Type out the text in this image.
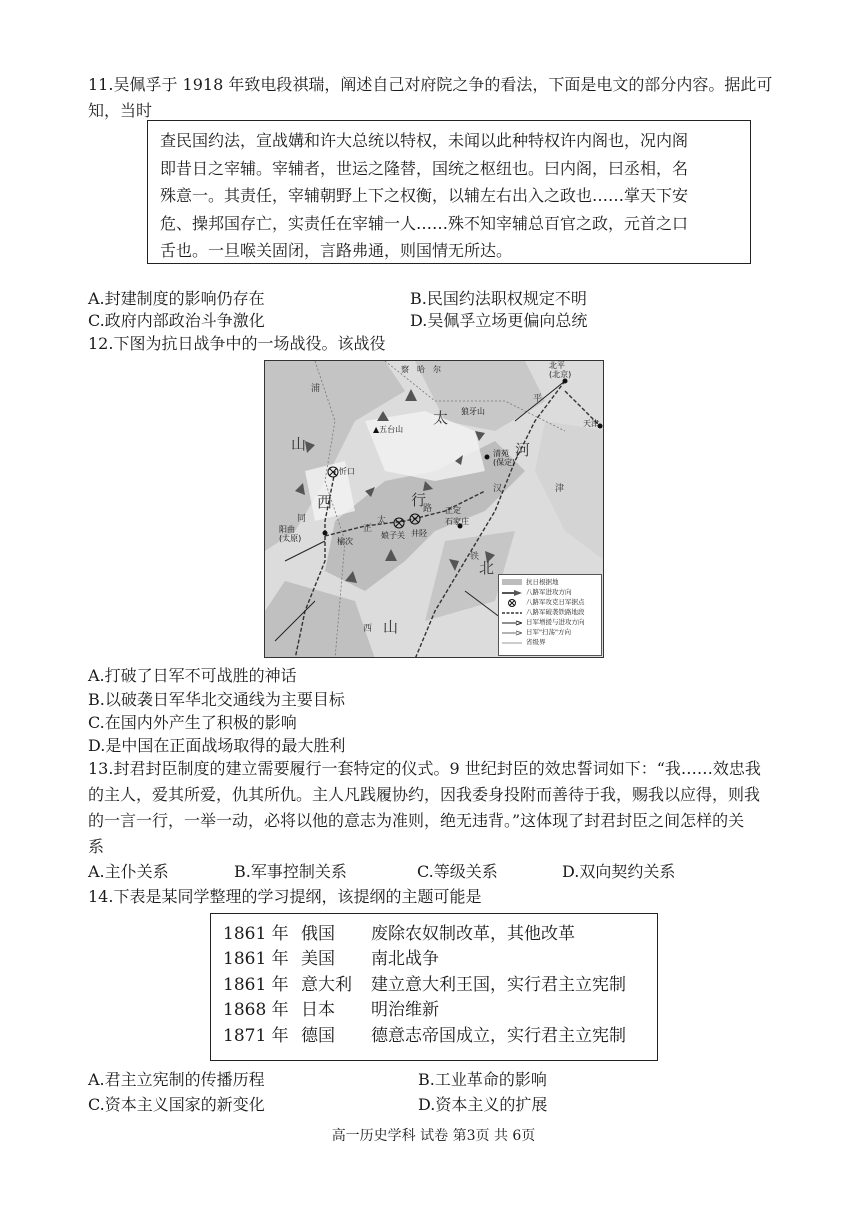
11.吴佩孚于 1918 年致电段祺瑞，阐述自己对府院之争的看法，下面是电文的部分内容。据此可
知，当时

查民国约法，宣战媾和许大总统以特权，未闻以此种特权许内阁也，况内阁

即昔日之宰辅。宰辅者，世运之隆替，国统之枢纽也。曰内阁，曰丞相，名

殊意一。其责任，宰辅朝野上下之权衡，以辅左右出入之政也……掌天下安

危、操邦国存亡，实责任在宰辅一人……殊不知宰辅总百官之政，元首之口

舌也。一旦喉关固闭，言路弗通，则国情无所达。

A.封建制度的影响仍存在	B.民国约法职权规定不明
C.政府内部政治斗争激化	D.吴佩孚立场更偏向总统
12.下图为抗日战争中的一场战役。该战役
太
行
山
河
北
山
西
浦
同
正
太
路
平
汉	津
铁
西
察哈尔	北平
(北京)
天津
狼牙山
▲五台山
忻口
清苑
(保定)
正定
石家庄
阳曲
(太原)	榆次
娘子关 井陉
抗日根据地
八路军进攻方向
八路军攻克日军据点
八路军破袭铁路地段
日军增援与进攻方向
日军"扫荡"方向
省级界
A.打破了日军不可战胜的神话
B.以破袭日军华北交通线为主要目标
C.在国内外产生了积极的影响
D.是中国在正面战场取得的最大胜利
13.封君封臣制度的建立需要履行一套特定的仪式。9 世纪封臣的效忠誓词如下：“我……效忠我
的主人，爱其所爱，仇其所仇。主人凡践履协约，因我委身投附而善待于我，赐我以应得，则我
的一言一行，一举一动，必将以他的意志为准则，绝无违背。”这体现了封君封臣之间怎样的关
系
A.主仆关系	B.军事控制关系	C.等级关系	D.双向契约关系
14.下表是某同学整理的学习提纲，该提纲的主题可能是
1861 年 俄国 废除农奴制改革，其他改革
1861 年 美国 南北战争
1861 年 意大利 建立意大利王国，实行君主立宪制
1868 年 日本 明治维新
1871 年 德国 德意志帝国成立，实行君主立宪制
A.君主立宪制的传播历程	B.工业革命的影响
C.资本主义国家的新变化	D.资本主义的扩展
高一历史学科 试卷 第3页 共 6页
